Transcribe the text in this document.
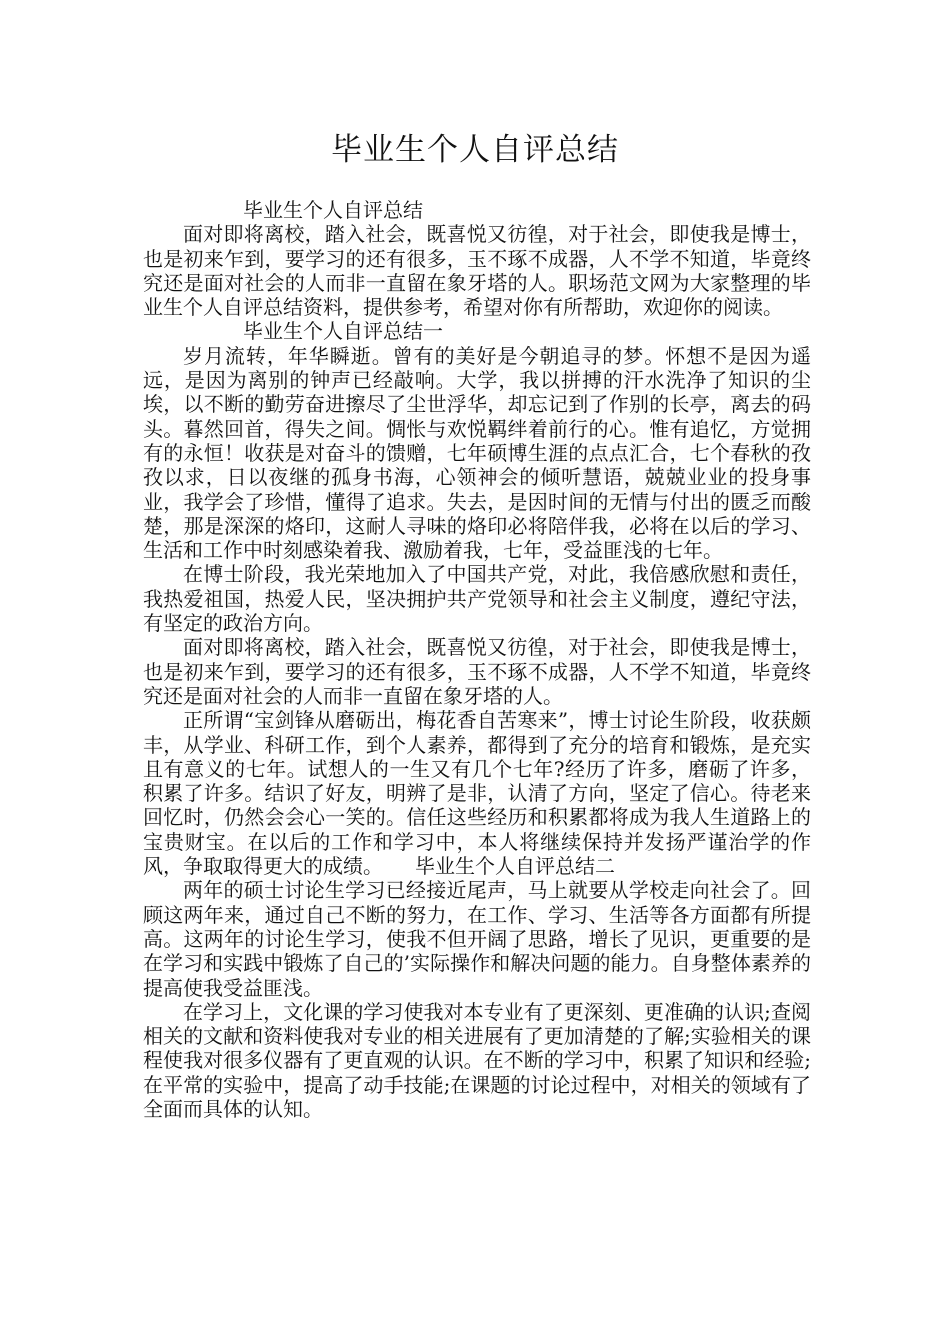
毕业生个人自评总结

毕业生个人自评总结

面对即将离校，踏入社会，既喜悦又彷徨，对于社会，即使我是博士，也是初来乍到，要学习的还有很多，玉不琢不成器，人不学不知道，毕竟终究还是面对社会的人而非一直留在象牙塔的人。职场范文网为大家整理的毕业生个人自评总结资料，提供参考，希望对你有所帮助，欢迎你的阅读。

毕业生个人自评总结一

岁月流转，年华瞬逝。曾有的美好是今朝追寻的梦。怀想不是因为遥远，是因为离别的钟声已经敲响。大学，我以拼搏的汗水洗净了知识的尘埃，以不断的勤劳奋进擦尽了尘世浮华，却忘记到了作别的长亭，离去的码头。暮然回首，得失之间。惆怅与欢悦羁绊着前行的心。惟有追忆，方觉拥有的永恒！收获是对奋斗的馈赠，七年硕博生涯的点点汇合，七个春秋的孜孜以求，日以夜继的孤身书海，心领神会的倾听慧语，兢兢业业的投身事业，我学会了珍惜，懂得了追求。失去，是因时间的无情与付出的匮乏而酸楚，那是深深的烙印，这耐人寻味的烙印必将陪伴我，必将在以后的学习、生活和工作中时刻感染着我、激励着我，七年，受益匪浅的七年。

在博士阶段，我光荣地加入了中国共产党，对此，我倍感欣慰和责任，我热爱祖国，热爱人民，坚决拥护共产党领导和社会主义制度，遵纪守法，有坚定的政治方向。

面对即将离校，踏入社会，既喜悦又彷徨，对于社会，即使我是博士，也是初来乍到，要学习的还有很多，玉不琢不成器，人不学不知道，毕竟终究还是面对社会的人而非一直留在象牙塔的人。

正所谓“宝剑锋从磨砺出，梅花香自苦寒来”，博士讨论生阶段，收获颇丰，从学业、科研工作，到个人素养，都得到了充分的培育和锻炼，是充实且有意义的七年。试想人的一生又有几个七年?经历了许多，磨砺了许多，积累了许多。结识了好友，明辨了是非，认清了方向，坚定了信心。待老来回忆时，仍然会会心一笑的。信任这些经历和积累都将成为我人生道路上的宝贵财宝。在以后的工作和学习中，本人将继续保持并发扬严谨治学的作风，争取取得更大的成绩。 毕业生个人自评总结二

两年的硕士讨论生学习已经接近尾声，马上就要从学校走向社会了。回顾这两年来，通过自己不断的努力，在工作、学习、生活等各方面都有所提高。这两年的讨论生学习，使我不但开阔了思路，增长了见识，更重要的是在学习和实践中锻炼了自己的’实际操作和解决问题的能力。自身整体素养的提高使我受益匪浅。

在学习上，文化课的学习使我对本专业有了更深刻、更准确的认识;查阅相关的文献和资料使我对专业的相关进展有了更加清楚的了解;实验相关的课程使我对很多仪器有了更直观的认识。在不断的学习中，积累了知识和经验;在平常的实验中，提高了动手技能;在课题的讨论过程中，对相关的领域有了全面而具体的认知。
